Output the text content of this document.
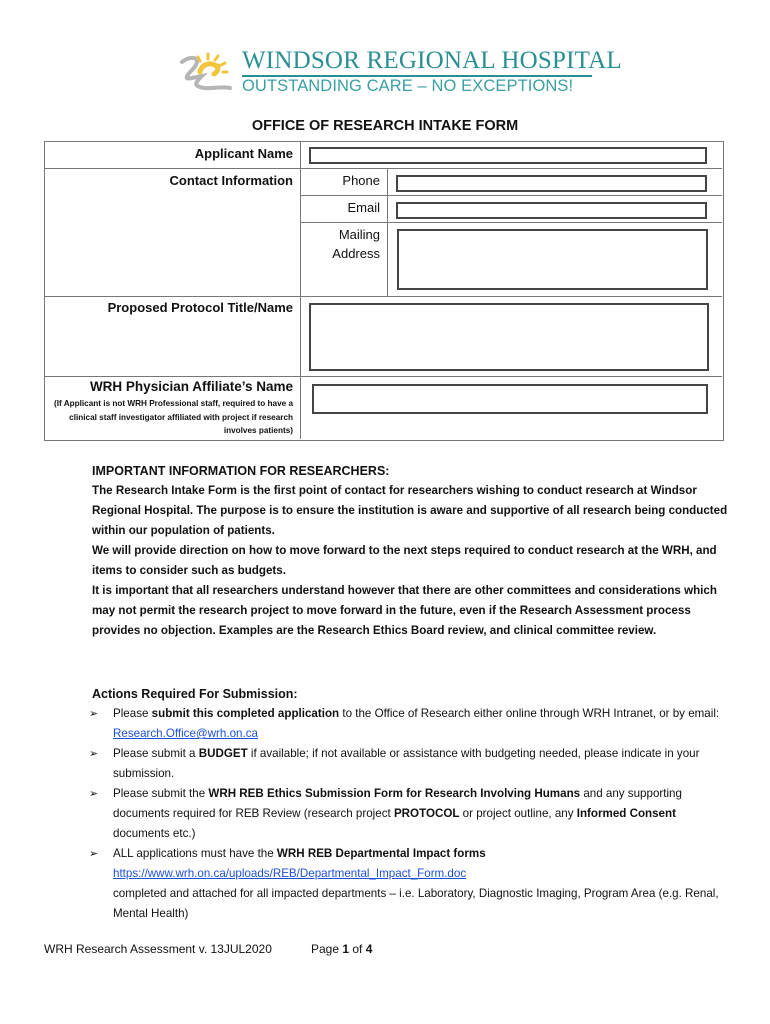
WINDSOR REGIONAL HOSPITAL
OUTSTANDING CARE – NO EXCEPTIONS!
OFFICE OF RESEARCH INTAKE FORM
Applicant Name
Contact Information	Phone
Email
Mailing
Address
Proposed Protocol Title/Name
WRH Physician Affiliate’s Name
(If Applicant is not WRH Professional staff, required to have a clinical staff investigator affiliated with project if research involves patients)

IMPORTANT INFORMATION FOR RESEARCHERS:

The Research Intake Form is the first point of contact for researchers wishing to conduct research at Windsor Regional Hospital. The purpose is to ensure the institution is aware and supportive of all research being conducted within our population of patients.

We will provide direction on how to move forward to the next steps required to conduct research at the WRH, and items to consider such as budgets.

It is important that all researchers understand however that there are other committees and considerations which may not permit the research project to move forward in the future, even if the Research Assessment process provides no objection. Examples are the Research Ethics Board review, and clinical committee review.

Actions Required For Submission:

➢ Please submit this completed application to the Office of Research either online through WRH Intranet, or by email: Research.Office@wrh.on.ca
➢ Please submit a BUDGET if available; if not available or assistance with budgeting needed, please indicate in your submission.
➢ Please submit the WRH REB Ethics Submission Form for Research Involving Humans and any supporting documents required for REB Review (research project PROTOCOL or project outline, any Informed Consent documents etc.)
➢ ALL applications must have the WRH REB Departmental Impact forms
https://www.wrh.on.ca/uploads/REB/Departmental_Impact_Form.doc
completed and attached for all impacted departments – i.e. Laboratory, Diagnostic Imaging, Program Area (e.g. Renal, Mental Health)
WRH Research Assessment v. 13JUL2020	Page 1 of 4
